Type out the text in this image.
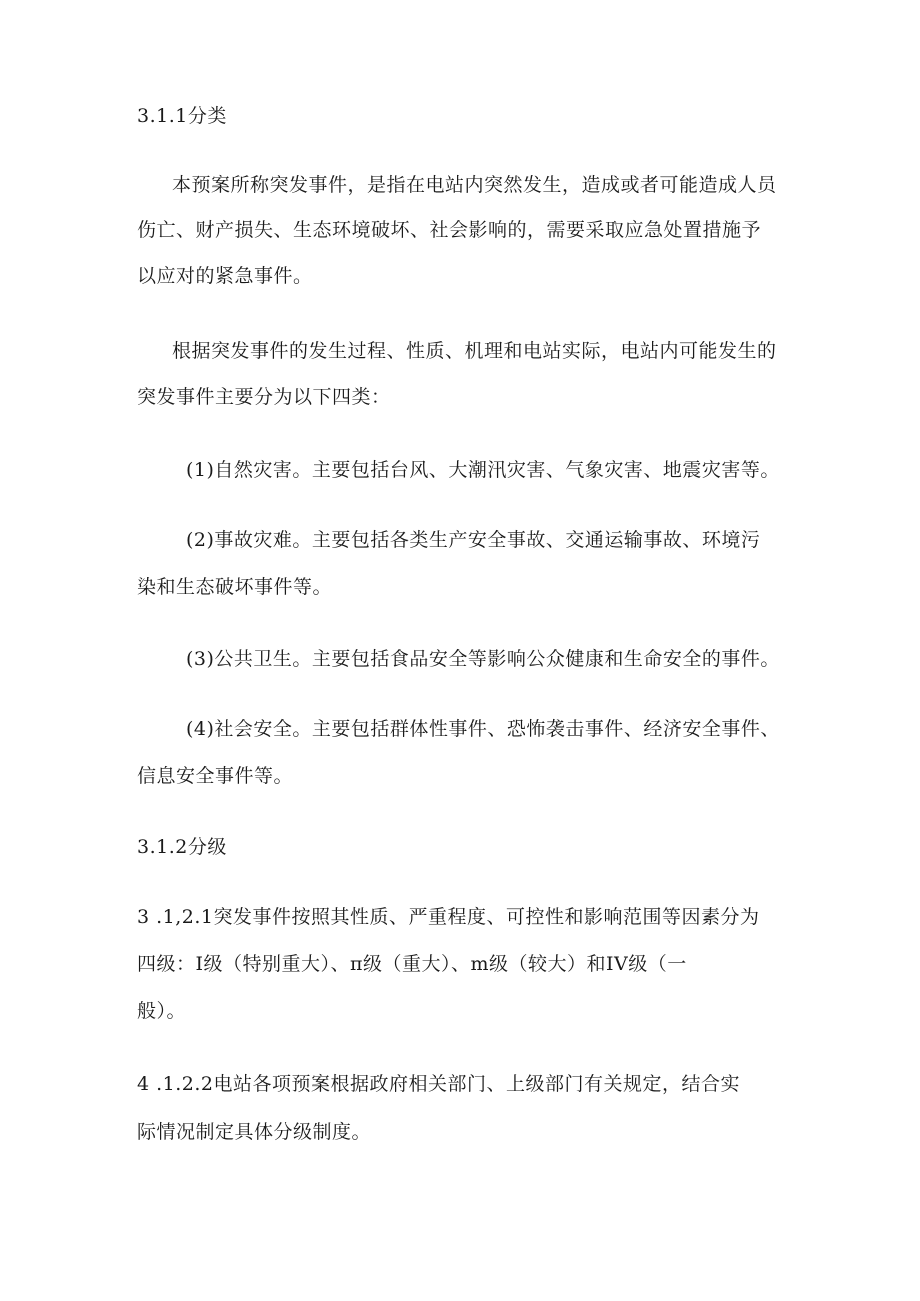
3.1.1分类

本预案所称突发事件，是指在电站内突然发生，造成或者可能造成人员

伤亡、财产损失、生态环境破坏、社会影响的，需要采取应急处置措施予

以应对的紧急事件。

根据突发事件的发生过程、性质、机理和电站实际，电站内可能发生的

突发事件主要分为以下四类：

(1)自然灾害。主要包括台风、大潮汛灾害、气象灾害、地震灾害等。

(2)事故灾难。主要包括各类生产安全事故、交通运输事故、环境污

染和生态破坏事件等。

(3)公共卫生。主要包括食品安全等影响公众健康和生命安全的事件。

(4)社会安全。主要包括群体性事件、恐怖袭击事件、经济安全事件、

信息安全事件等。

3.1.2分级

3 .1,2.1突发事件按照其性质、严重程度、可控性和影响范围等因素分为

四级：I级（特别重大）、π级（重大）、m级（较大）和IV级（一

般）。

4 .1.2.2电站各项预案根据政府相关部门、上级部门有关规定，结合实

际情况制定具体分级制度。
